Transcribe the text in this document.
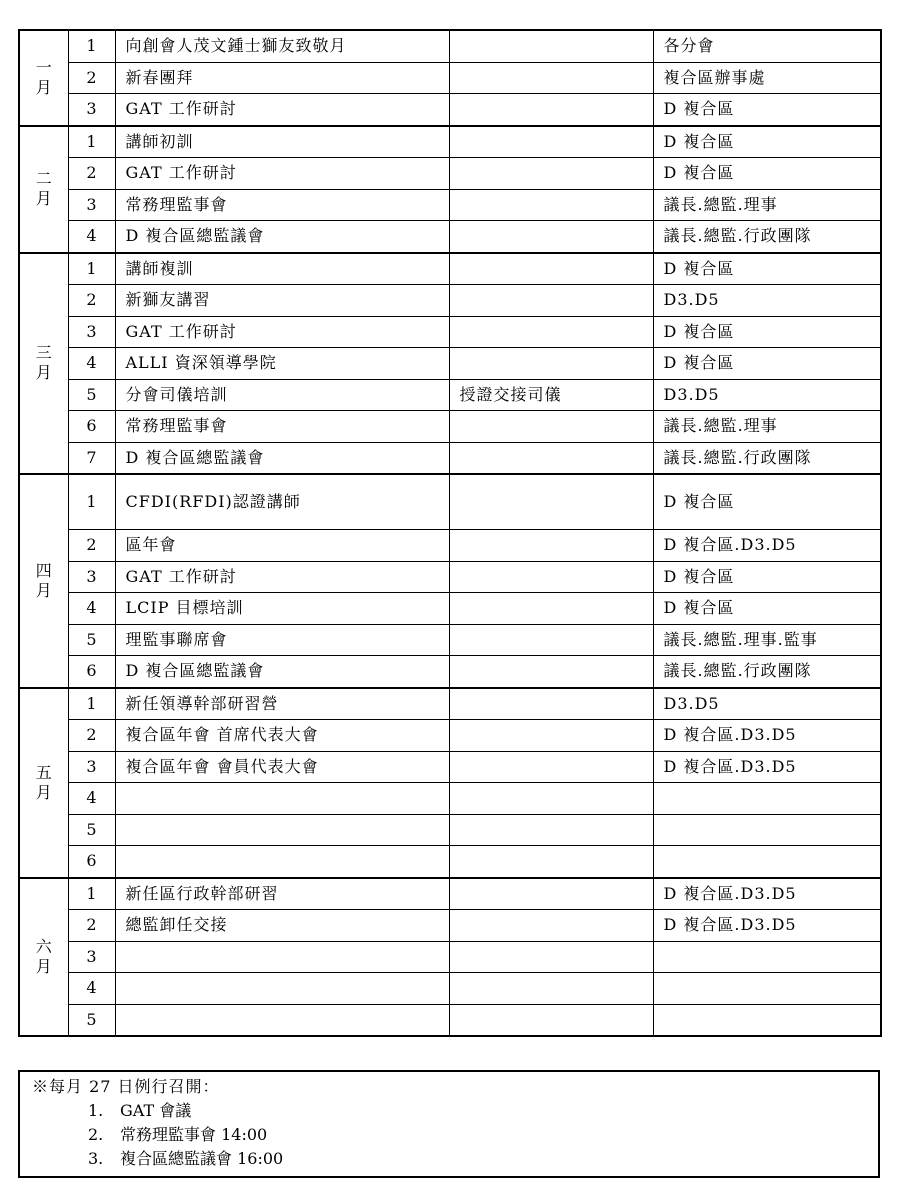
一月	1	向創會人茂文鍾士獅友致敬月		各分會
	2	新春團拜		複合區辦事處
	3	GAT 工作研討		D 複合區
二月	1	講師初訓		D 複合區
	2	GAT 工作研討		D 複合區
	3	常務理監事會		議長.總監.理事
	4	D 複合區總監議會		議長.總監.行政團隊
三月	1	講師複訓		D 複合區
	2	新獅友講習		D3.D5
	3	GAT 工作研討		D 複合區
	4	ALLI 資深領導學院		D 複合區
	5	分會司儀培訓	授證交接司儀	D3.D5
	6	常務理監事會		議長.總監.理事
	7	D 複合區總監議會		議長.總監.行政團隊
四月	1	CFDI(RFDI)認證講師		D 複合區
	2	區年會		D 複合區.D3.D5
	3	GAT 工作研討		D 複合區
	4	LCIP 目標培訓		D 複合區
	5	理監事聯席會		議長.總監.理事.監事
	6	D 複合區總監議會		議長.總監.行政團隊
五月	1	新任領導幹部研習營		D3.D5
	2	複合區年會 首席代表大會		D 複合區.D3.D5
	3	複合區年會 會員代表大會		D 複合區.D3.D5
	4			
	5			
	6			
六月	1	新任區行政幹部研習		D 複合區.D3.D5
	2	總監卸任交接		D 複合區.D3.D5
	3			
	4			
	5			
※每月 27 日例行召開：
1.	GAT 會議
2.	常務理監事會 14:00
3.	複合區總監議會 16:00
